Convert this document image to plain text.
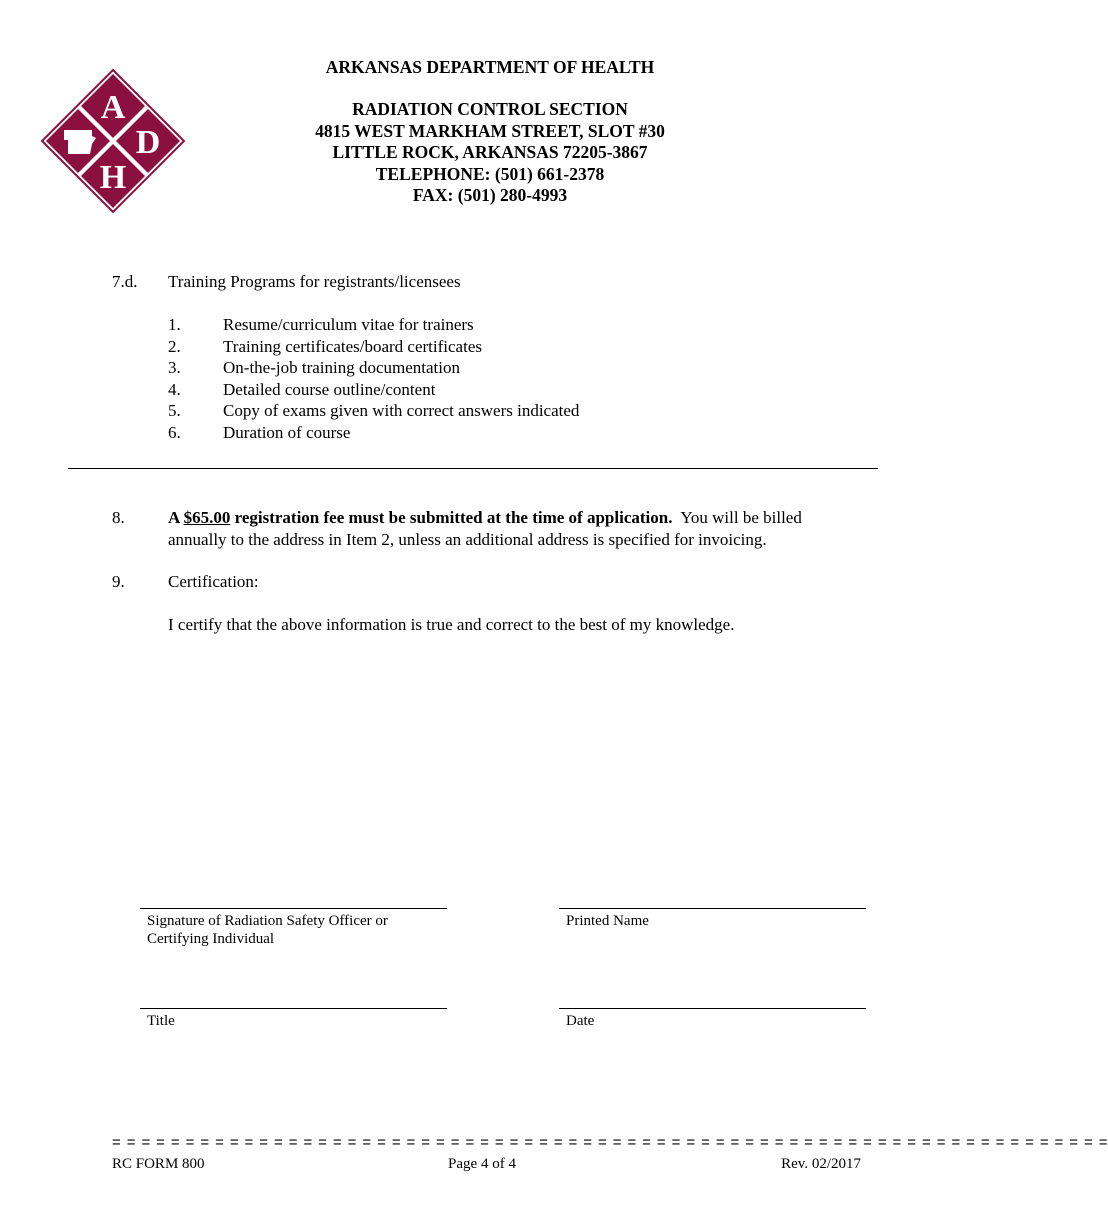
A
D
H
ARKANSAS DEPARTMENT OF HEALTH
RADIATION CONTROL SECTION
4815 WEST MARKHAM STREET, SLOT #30
LITTLE ROCK, ARKANSAS 72205-3867
TELEPHONE: (501) 661-2378
FAX: (501) 280-4993
7.d. Training Programs for registrants/licensees
1. Resume/curriculum vitae for trainers
2. Training certificates/board certificates
3. On-the-job training documentation
4. Detailed course outline/content
5. Copy of exams given with correct answers indicated
6. Duration of course
8.	A $65.00 registration fee must be submitted at the time of application.  You will be billed
annually to the address in Item 2, unless an additional address is specified for invoicing.
9.	Certification:
I certify that the above information is true and correct to the best of my knowledge.
Signature of Radiation Safety Officer or
Certifying Individual
Printed Name
Title	Date
= = = = = = = = = = = = = = = = = = = = = = = = = = = = = = = = = = = = = = = = = = = = = = = = = = = = = = = = = = = = = = = = = = = =
RC FORM 800	Page 4 of 4	Rev. 02/2017
